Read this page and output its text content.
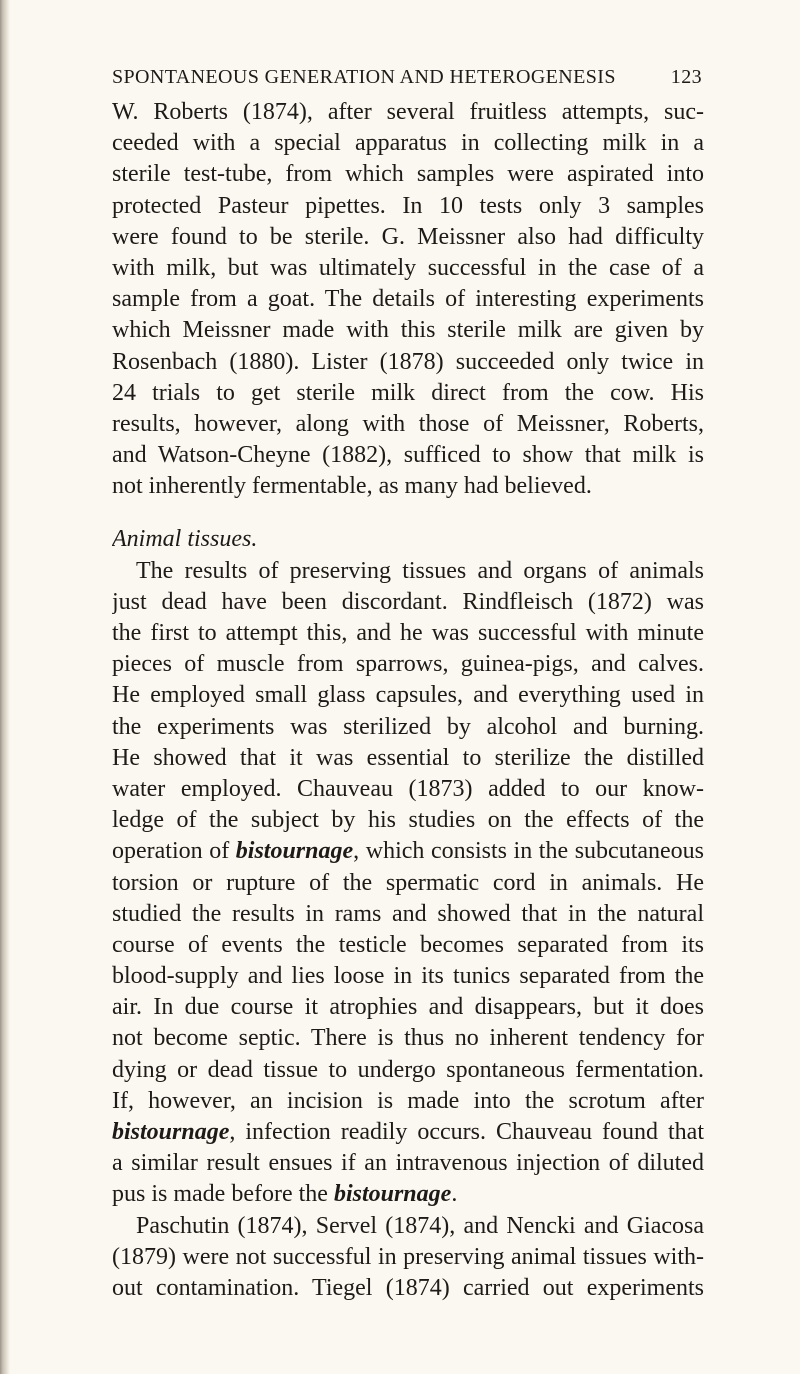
SPONTANEOUS GENERATION AND HETEROGENESIS	123
W. Roberts (1874), after several fruitless attempts, suc-
ceeded with a special apparatus in collecting milk in a
sterile test-tube, from which samples were aspirated into
protected Pasteur pipettes. In 10 tests only 3 samples
were found to be sterile. G. Meissner also had difficulty
with milk, but was ultimately successful in the case of a
sample from a goat. The details of interesting experiments
which Meissner made with this sterile milk are given by
Rosenbach (1880). Lister (1878) succeeded only twice in
24 trials to get sterile milk direct from the cow. His
results, however, along with those of Meissner, Roberts,
and Watson-Cheyne (1882), sufficed to show that milk is
not inherently fermentable, as many had believed.
Animal tissues.
The results of preserving tissues and organs of animals
just dead have been discordant. Rindfleisch (1872) was
the first to attempt this, and he was successful with minute
pieces of muscle from sparrows, guinea-pigs, and calves.
He employed small glass capsules, and everything used in
the experiments was sterilized by alcohol and burning.
He showed that it was essential to sterilize the distilled
water employed. Chauveau (1873) added to our know-
ledge of the subject by his studies on the effects of the
operation of bistournage, which consists in the subcutaneous
torsion or rupture of the spermatic cord in animals. He
studied the results in rams and showed that in the natural
course of events the testicle becomes separated from its
blood-supply and lies loose in its tunics separated from the
air. In due course it atrophies and disappears, but it does
not become septic. There is thus no inherent tendency for
dying or dead tissue to undergo spontaneous fermentation.
If, however, an incision is made into the scrotum after
bistournage, infection readily occurs. Chauveau found that
a similar result ensues if an intravenous injection of diluted
pus is made before the bistournage.
Paschutin (1874), Servel (1874), and Nencki and Giacosa
(1879) were not successful in preserving animal tissues with-
out contamination. Tiegel (1874) carried out experiments
